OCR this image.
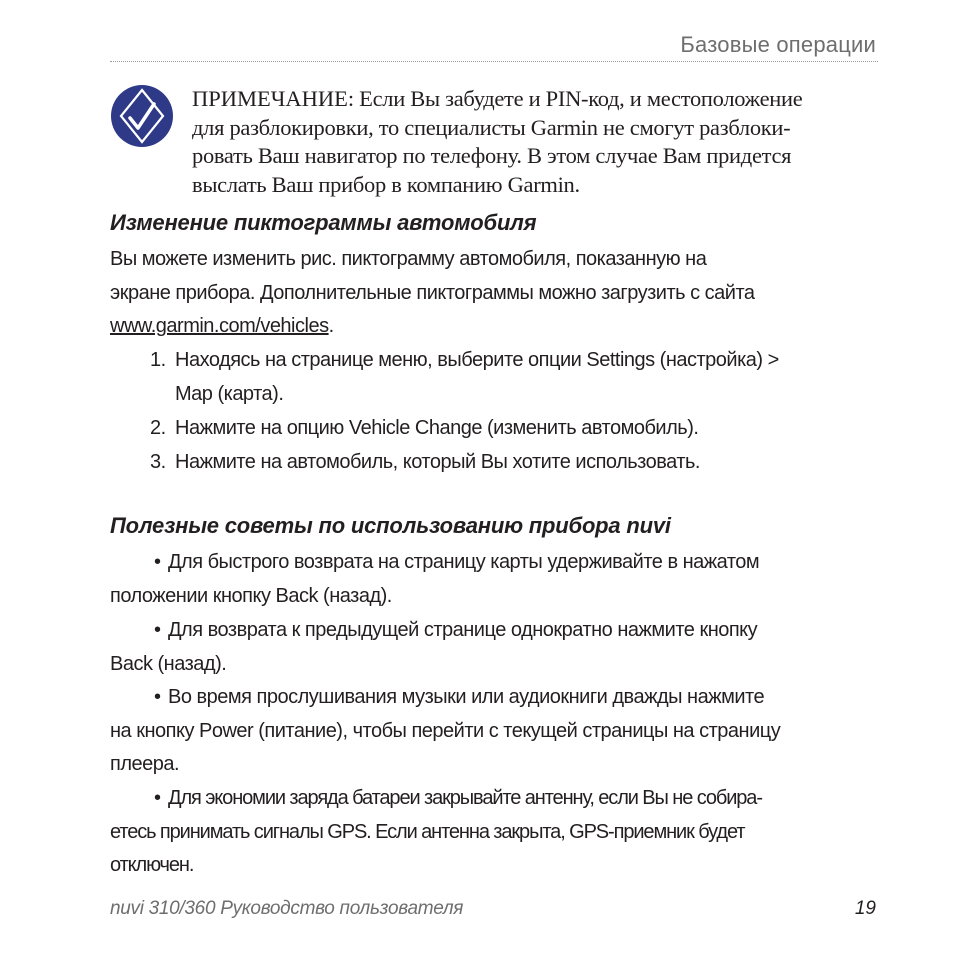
Базовые операции
ПРИМЕЧАНИЕ: Если Вы забудете и PIN-код, и местоположение
для разблокировки, то специалисты Garmin не смогут разблоки-
ровать Ваш навигатор по телефону. В этом случае Вам придется
выслать Ваш прибор в компанию Garmin.
Изменение пиктограммы автомобиля
Вы можете изменить рис. пиктограмму автомобиля, показанную на
экране прибора. Дополнительные пиктограммы можно загрузить с сайта
www.garmin.com/vehicles.
1. Находясь на странице меню, выберите опции Settings (настройка) >
Map (карта).
2. Нажмите на опцию Vehicle Change (изменить автомобиль).
3. Нажмите на автомобиль, который Вы хотите использовать.
Полезные советы по использованию прибора nuvi
• Для быстрого возврата на страницу карты удерживайте в нажатом
положении кнопку Back (назад).
• Для возврата к предыдущей странице однократно нажмите кнопку
Back (назад).
• Во время прослушивания музыки или аудиокниги дважды нажмите
на кнопку Power (питание), чтобы перейти с текущей страницы на страницу
плеера.
• Для экономии заряда батареи закрывайте антенну, если Вы не собира-
етесь принимать сигналы GPS. Если антенна закрыта, GPS-приемник будет
отключен.
nuvi 310/360 Руководство пользователя	19
